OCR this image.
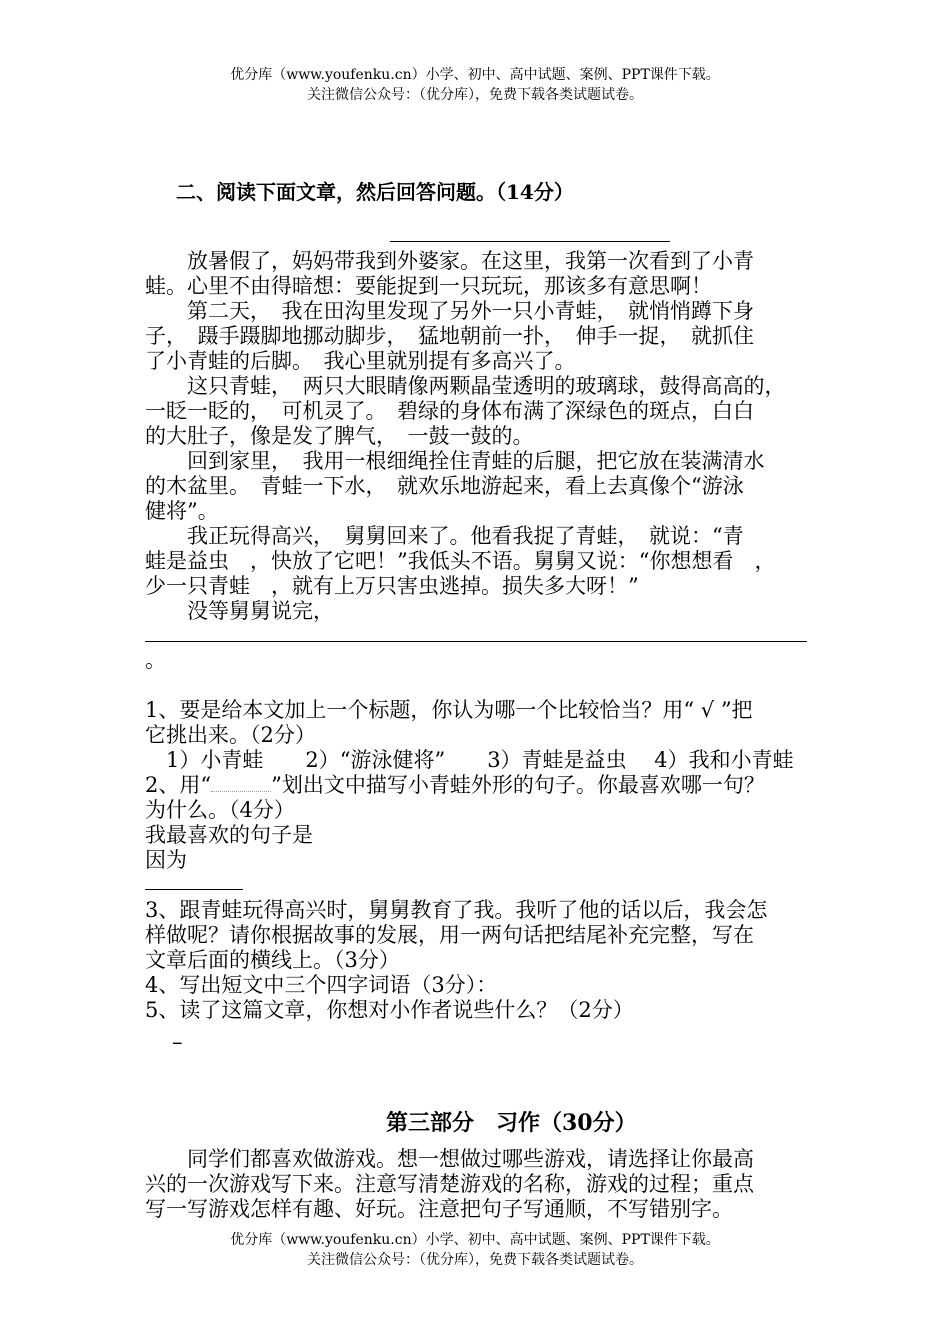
优分库（www.youfenku.cn）小学、初中、高中试题、案例、PPT课件下载。
关注微信公众号：（优分库），免费下载各类试题试卷。
二、阅读下面文章，然后回答问题。（14分）
　　放暑假了，妈妈带我到外婆家。在这里，我第一次看到了小青
蛙。心里不由得暗想：要能捉到一只玩玩，那该多有意思啊！
　　第二天，　我在田沟里发现了另外一只小青蛙，　就悄悄蹲下身
子，　蹑手蹑脚地挪动脚步，　猛地朝前一扑，　伸手一捉，　就抓住
了小青蛙的后脚。　我心里就别提有多高兴了。
　　这只青蛙，　两只大眼睛像两颗晶莹透明的玻璃球，鼓得高高的，
一眨一眨的，　可机灵了。　碧绿的身体布满了深绿色的斑点，白白
的大肚子，像是发了脾气，　一鼓一鼓的。
　　回到家里，　我用一根细绳拴住青蛙的后腿，把它放在装满清水
的木盆里。　青蛙一下水，　就欢乐地游起来，看上去真像个“游泳
健将”。
　　我正玩得高兴，　舅舅回来了。他看我捉了青蛙，　就说：“青
蛙是益虫　，快放了它吧！”我低头不语。舅舅又说：“你想想看　，
少一只青蛙　，就有上万只害虫逃掉。损失多大呀！”
　　没等舅舅说完，
。
1、要是给本文加上一个标题，你认为哪一个比较恰当？用“ √ ”把
它挑出来。（2分）
　1）小青蛙　　2）“游泳健将”　　3）青蛙是益虫　 4）我和小青蛙
2、用“	”划出文中描写小青蛙外形的句子。你最喜欢哪一句？
为什么。（4分）
我最喜欢的句子是
因为
3、跟青蛙玩得高兴时，舅舅教育了我。我听了他的话以后，我会怎
样做呢？请你根据故事的发展，用一两句话把结尾补充完整，写在
文章后面的横线上。（3分）
4、写出短文中三个四字词语（3分）：
5、读了这篇文章，你想对小作者说些什么？（2分）
–
第三部分　习作（30分）
　　同学们都喜欢做游戏。想一想做过哪些游戏，请选择让你最高
兴的一次游戏写下来。注意写清楚游戏的名称，游戏的过程；重点
写一写游戏怎样有趣、好玩。注意把句子写通顺，不写错别字。
优分库（www.youfenku.cn）小学、初中、高中试题、案例、PPT课件下载。
关注微信公众号：（优分库），免费下载各类试题试卷。
